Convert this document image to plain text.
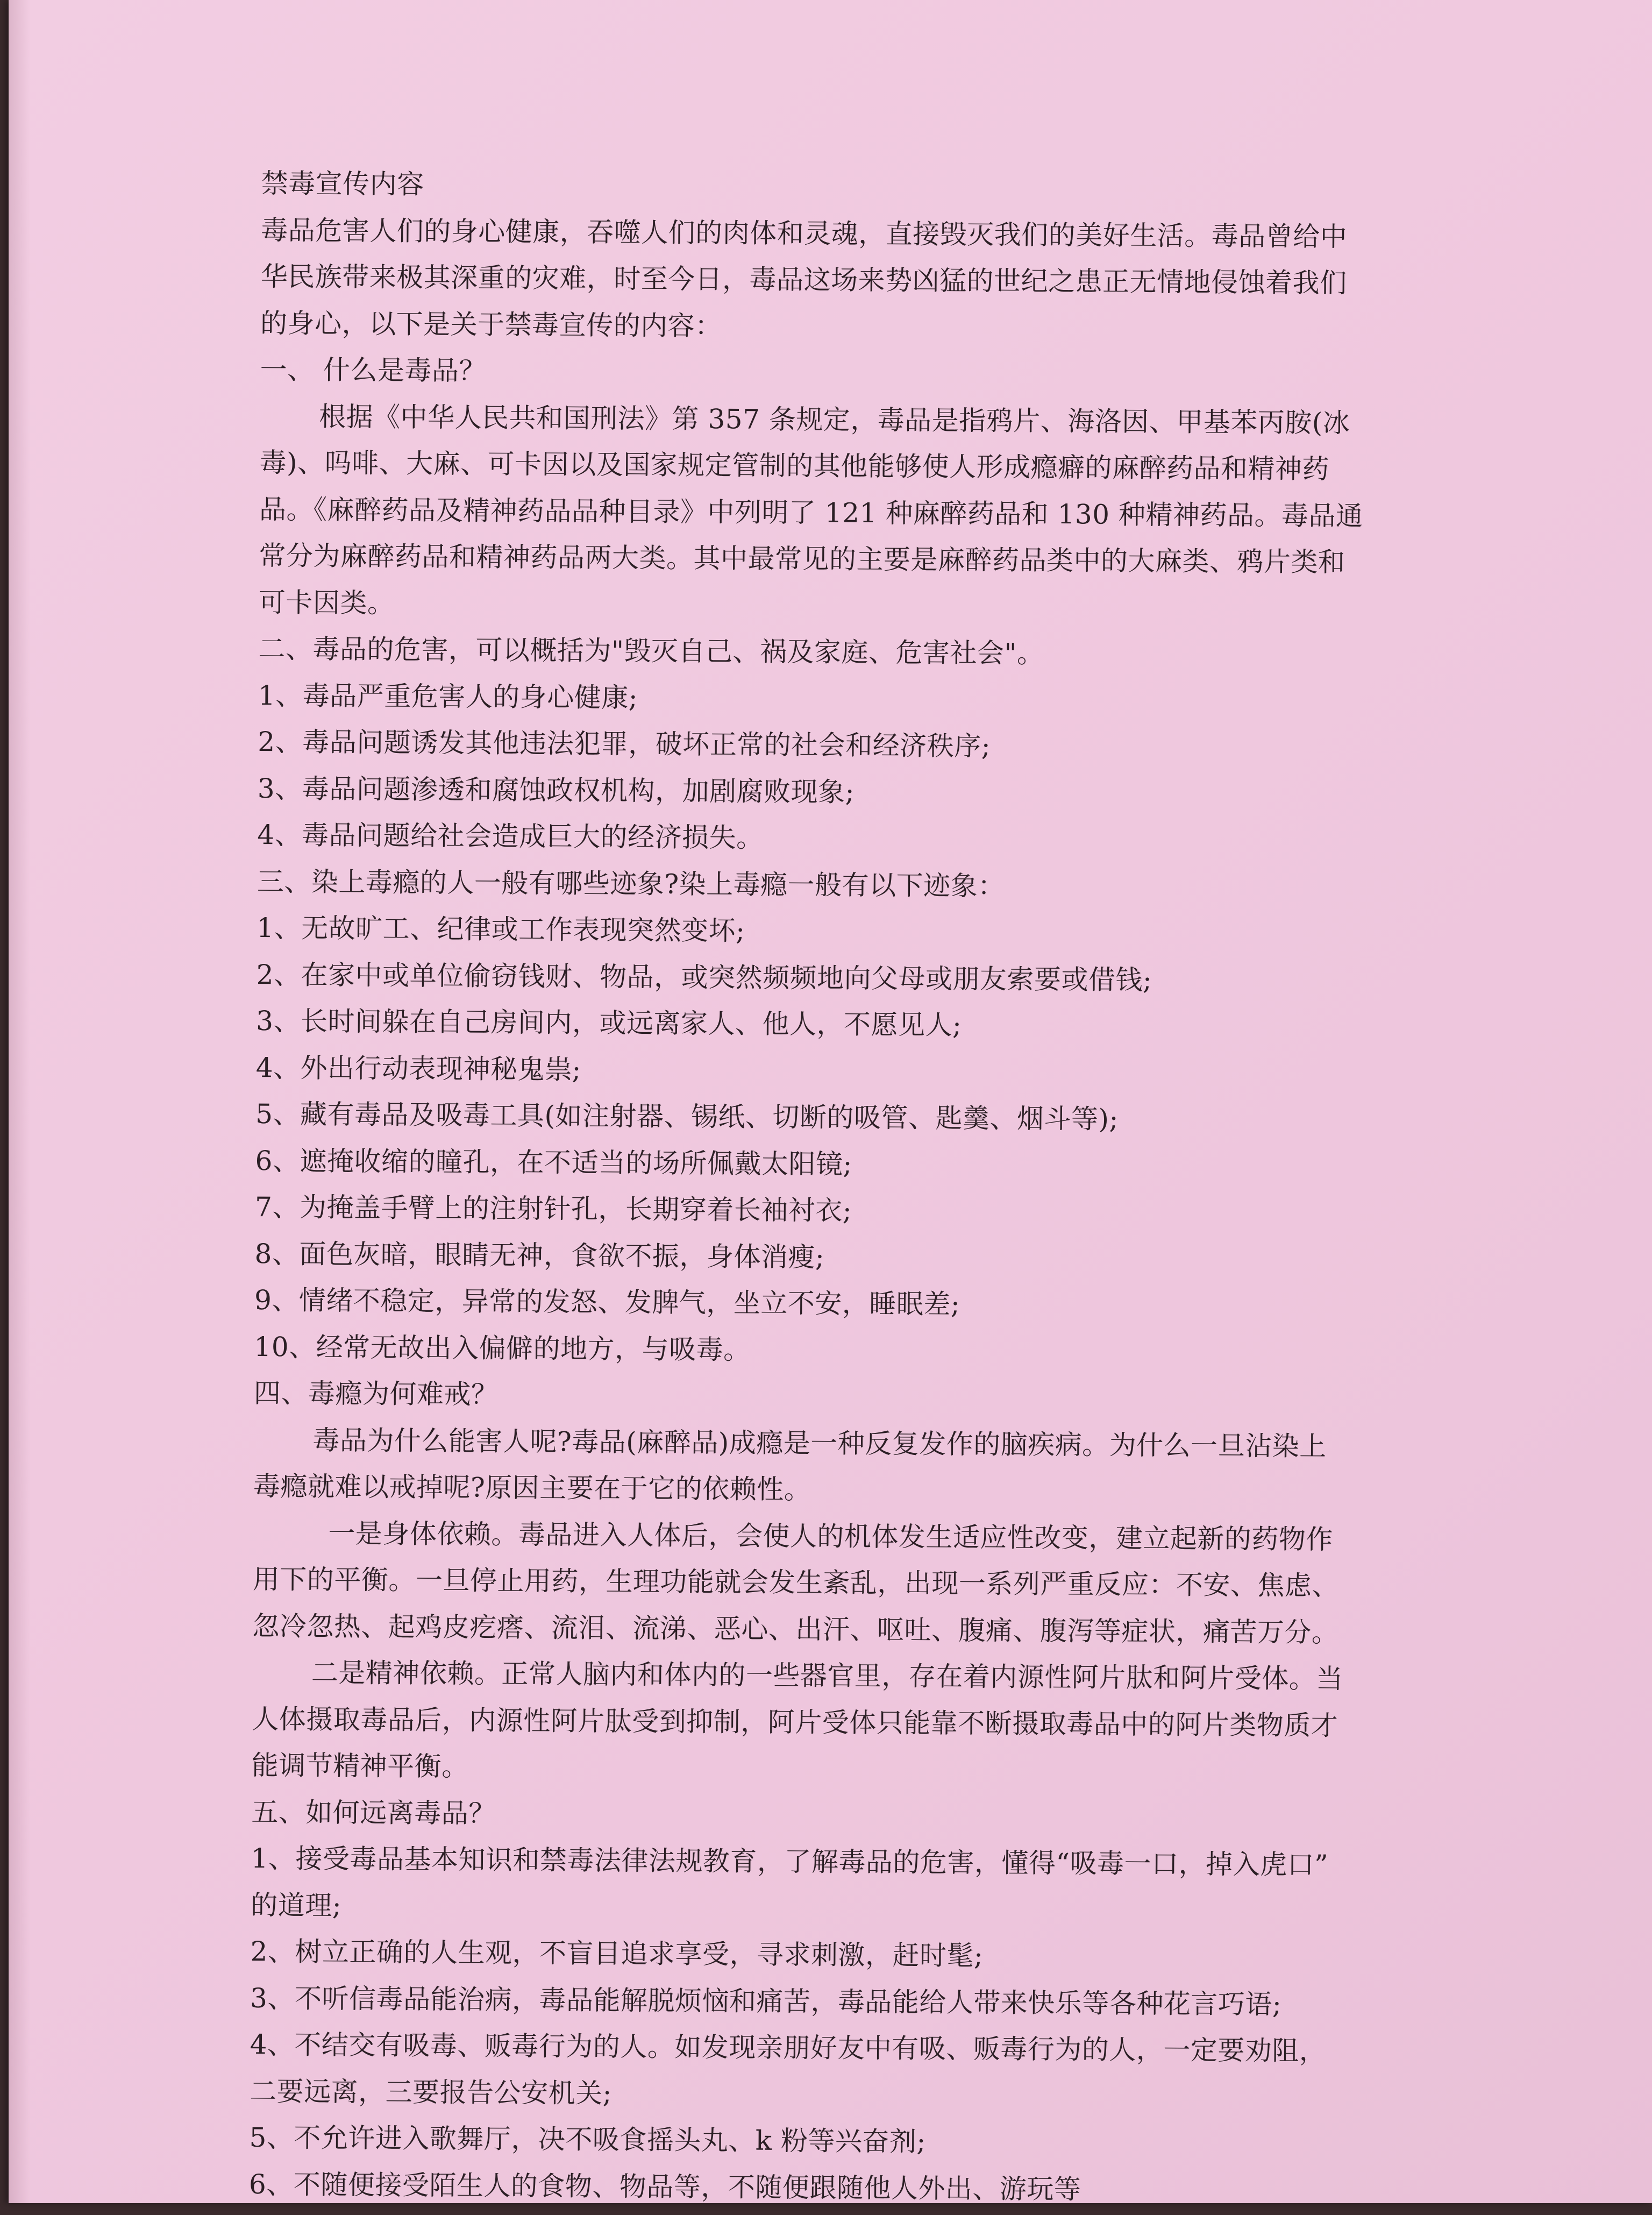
禁毒宣传内容
毒品危害人们的身心健康，吞噬人们的肉体和灵魂，直接毁灭我们的美好生活。毒品曾给中
华民族带来极其深重的灾难，时至今日，毒品这场来势凶猛的世纪之患正无情地侵蚀着我们
的身心，以下是关于禁毒宣传的内容：
一、 什么是毒品？
根据《中华人民共和国刑法》第 357 条规定，毒品是指鸦片、海洛因、甲基苯丙胺(冰
毒)、吗啡、大麻、可卡因以及国家规定管制的其他能够使人形成瘾癖的麻醉药品和精神药
品。《麻醉药品及精神药品品种目录》中列明了 121 种麻醉药品和 130 种精神药品。毒品通
常分为麻醉药品和精神药品两大类。其中最常见的主要是麻醉药品类中的大麻类、鸦片类和
可卡因类。
二、毒品的危害，可以概括为"毁灭自己、祸及家庭、危害社会"。
1、毒品严重危害人的身心健康;
2、毒品问题诱发其他违法犯罪，破坏正常的社会和经济秩序;
3、毒品问题渗透和腐蚀政权机构，加剧腐败现象;
4、毒品问题给社会造成巨大的经济损失。
三、染上毒瘾的人一般有哪些迹象?染上毒瘾一般有以下迹象：
1、无故旷工、纪律或工作表现突然变坏;
2、在家中或单位偷窃钱财、物品，或突然频频地向父母或朋友索要或借钱;
3、长时间躲在自己房间内，或远离家人、他人，不愿见人;
4、外出行动表现神秘鬼祟;
5、藏有毒品及吸毒工具(如注射器、锡纸、切断的吸管、匙羹、烟斗等);
6、遮掩收缩的瞳孔，在不适当的场所佩戴太阳镜;
7、为掩盖手臂上的注射针孔，长期穿着长袖衬衣;
8、面色灰暗，眼睛无神，食欲不振，身体消瘦;
9、情绪不稳定，异常的发怒、发脾气，坐立不安，睡眠差;
10、经常无故出入偏僻的地方，与吸毒。
四、毒瘾为何难戒？
毒品为什么能害人呢?毒品(麻醉品)成瘾是一种反复发作的脑疾病。为什么一旦沾染上
毒瘾就难以戒掉呢?原因主要在于它的依赖性。
一是身体依赖。毒品进入人体后，会使人的机体发生适应性改变，建立起新的药物作
用下的平衡。一旦停止用药，生理功能就会发生紊乱，出现一系列严重反应：不安、焦虑、
忽冷忽热、起鸡皮疙瘩、流泪、流涕、恶心、出汗、呕吐、腹痛、腹泻等症状，痛苦万分。
二是精神依赖。正常人脑内和体内的一些器官里，存在着内源性阿片肽和阿片受体。当
人体摄取毒品后，内源性阿片肽受到抑制，阿片受体只能靠不断摄取毒品中的阿片类物质才
能调节精神平衡。
五、如何远离毒品？
1、接受毒品基本知识和禁毒法律法规教育，了解毒品的危害，懂得“吸毒一口，掉入虎口”
的道理;
2、树立正确的人生观，不盲目追求享受，寻求刺激，赶时髦;
3、不听信毒品能治病，毒品能解脱烦恼和痛苦，毒品能给人带来快乐等各种花言巧语;
4、不结交有吸毒、贩毒行为的人。如发现亲朋好友中有吸、贩毒行为的人，一定要劝阻，
二要远离，三要报告公安机关;
5、不允许进入歌舞厅，决不吸食摇头丸、k 粉等兴奋剂;
6、不随便接受陌生人的食物、物品等，不随便跟随他人外出、游玩等
